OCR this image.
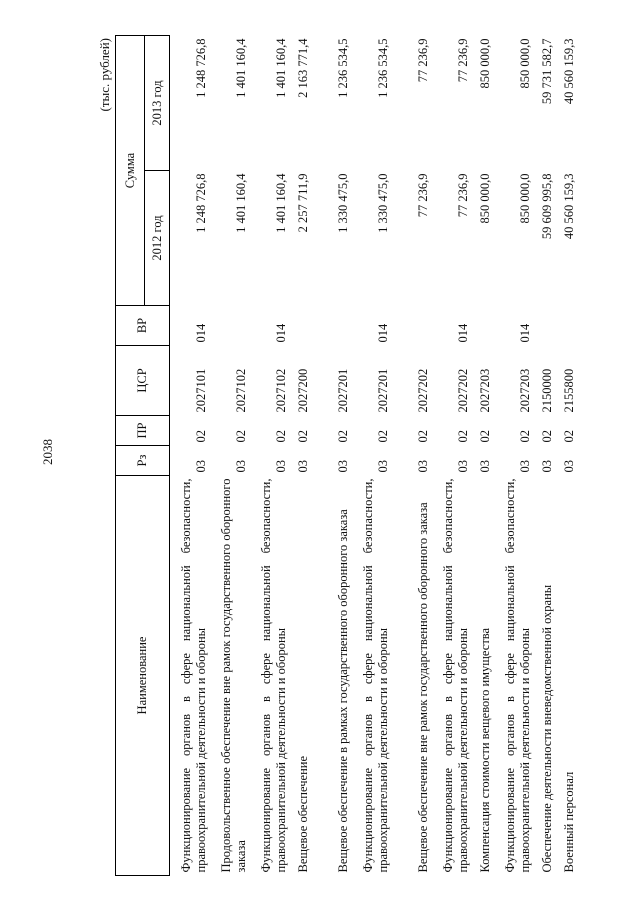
2038
(тыс. рублей)
Наименование	Рз	ПР	ЦСР	ВР	Сумма	
					2012 год	2013 год
Функционирование органов в сфере национальной безопасности, правоохранительной деятельности и обороны	03	02	2027101	014	1 248 726,8	1 248 726,8
Продовольственное обеспечение вне рамок государственного оборонного заказа	03	02	2027102		1 401 160,4	1 401 160,4
Функционирование органов в сфере национальной безопасности, правоохранительной деятельности и обороны	03	02	2027102	014	1 401 160,4	1 401 160,4
Вещевое обеспечение	03	02	2027200		2 257 711,9	2 163 771,4
Вещевое обеспечение в рамках государственного оборонного заказа	03	02	2027201		1 330 475,0	1 236 534,5
Функционирование органов в сфере национальной безопасности, правоохранительной деятельности и обороны	03	02	2027201	014	1 330 475,0	1 236 534,5
Вещевое обеспечение вне рамок государственного оборонного заказа	03	02	2027202		77 236,9	77 236,9
Функционирование органов в сфере национальной безопасности, правоохранительной деятельности и обороны	03	02	2027202	014	77 236,9	77 236,9
Компенсация стоимости вещевого имущества	03	02	2027203		850 000,0	850 000,0
Функционирование органов в сфере национальной безопасности, правоохранительной деятельности и обороны	03	02	2027203	014	850 000,0	850 000,0
Обеспечение деятельности вневедомственной охраны	03	02	2150000		59 609 995,8	59 731 582,7
Военный персонал	03	02	2155800		40 560 159,3	40 560 159,3
